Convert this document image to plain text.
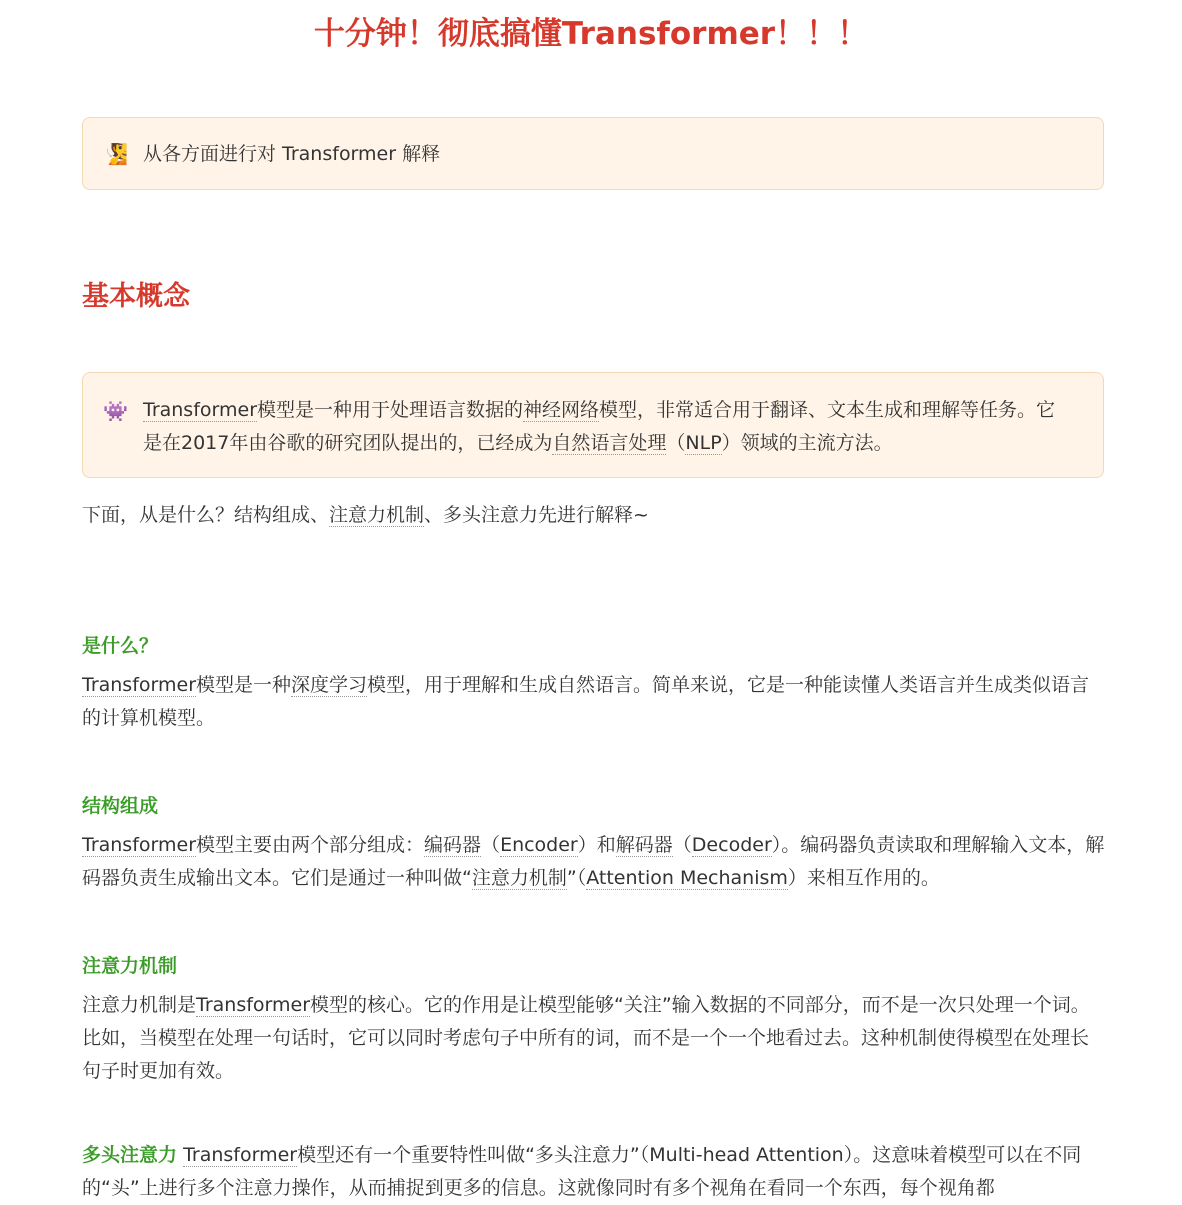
十分钟！彻底搞懂Transformer！！！
🧏 从各方面进行对 Transformer 解释
基本概念
👾 Transformer模型是一种用于处理语言数据的神经网络模型，非常适合用于翻译、文本生成和理解等任务。它是在2017年由谷歌的研究团队提出的，已经成为自然语言处理（NLP）领域的主流方法。
下面，从是什么？结构组成、注意力机制、多头注意力先进行解释~
是什么？
Transformer模型是一种深度学习模型，用于理解和生成自然语言。简单来说，它是一种能读懂人类语言并生成类似语言的计算机模型。
结构组成
Transformer模型主要由两个部分组成：编码器（Encoder）和解码器（Decoder）。编码器负责读取和理解输入文本，解码器负责生成输出文本。它们是通过一种叫做“注意力机制”（Attention Mechanism）来相互作用的。
注意力机制
注意力机制是Transformer模型的核心。它的作用是让模型能够“关注”输入数据的不同部分，而不是一次只处理一个词。比如，当模型在处理一句话时，它可以同时考虑句子中所有的词，而不是一个一个地看过去。这种机制使得模型在处理长句子时更加有效。
多头注意力 Transformer模型还有一个重要特性叫做“多头注意力”（Multi-head Attention）。这意味着模型可以在不同的“头”上进行多个注意力操作，从而捕捉到更多的信息。这就像同时有多个视角在看同一个东西，每个视角都
